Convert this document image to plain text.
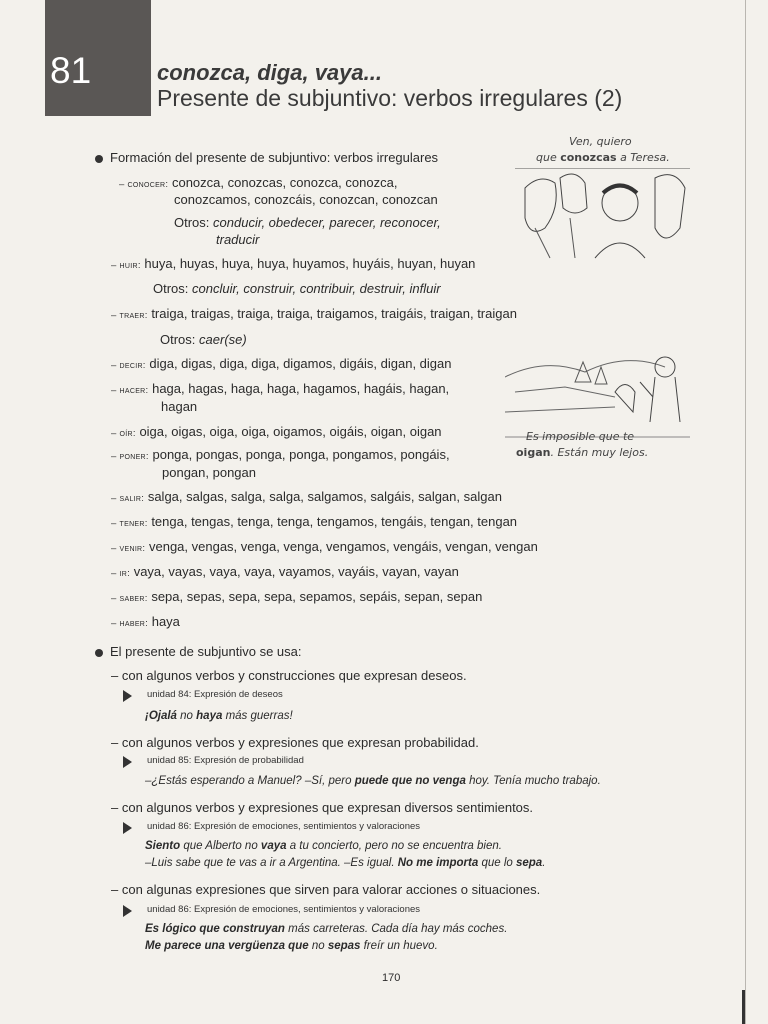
81	conozca, diga, vaya...
Presente de subjuntivo: verbos irregulares (2)
Formación del presente de subjuntivo: verbos irregulares
– conocer: conozca, conozcas, conozca, conozca,
conozcamos, conozcáis, conozcan, conozcan
Otros: conducir, obedecer, parecer, reconocer,
traducir
– huir: huya, huyas, huya, huya, huyamos, huyáis, huyan, huyan
Otros: concluir, construir, contribuir, destruir, influir
– traer: traiga, traigas, traiga, traiga, traigamos, traigáis, traigan, traigan
Otros: caer(se)
– decir: diga, digas, diga, diga, digamos, digáis, digan, digan
– hacer: haga, hagas, haga, haga, hagamos, hagáis, hagan,
hagan
– oír: oiga, oigas, oiga, oiga, oigamos, oigáis, oigan, oigan
– poner: ponga, pongas, ponga, ponga, pongamos, pongáis,
pongan, pongan
– salir: salga, salgas, salga, salga, salgamos, salgáis, salgan, salgan
– tener: tenga, tengas, tenga, tenga, tengamos, tengáis, tengan, tengan
– venir: venga, vengas, venga, venga, vengamos, vengáis, vengan, vengan
– ir: vaya, vayas, vaya, vaya, vayamos, vayáis, vayan, vayan
– saber: sepa, sepas, sepa, sepa, sepamos, sepáis, sepan, sepan
– haber: haya
Ven, quiero
que conozcas a Teresa.
Es imposible que te
oigan. Están muy lejos.
El presente de subjuntivo se usa:
– con algunos verbos y construcciones que expresan deseos.
unidad 84: Expresión de deseos
¡Ojalá no haya más guerras!
– con algunos verbos y expresiones que expresan probabilidad.
unidad 85: Expresión de probabilidad
–¿Estás esperando a Manuel? –Sí, pero puede que no venga hoy. Tenía mucho trabajo.
– con algunos verbos y expresiones que expresan diversos sentimientos.
unidad 86: Expresión de emociones, sentimientos y valoraciones
Siento que Alberto no vaya a tu concierto, pero no se encuentra bien.
–Luis sabe que te vas a ir a Argentina. –Es igual. No me importa que lo sepa.
– con algunas expresiones que sirven para valorar acciones o situaciones.
unidad 86: Expresión de emociones, sentimientos y valoraciones
Es lógico que construyan más carreteras. Cada día hay más coches.
Me parece una vergüenza que no sepas freír un huevo.
170
